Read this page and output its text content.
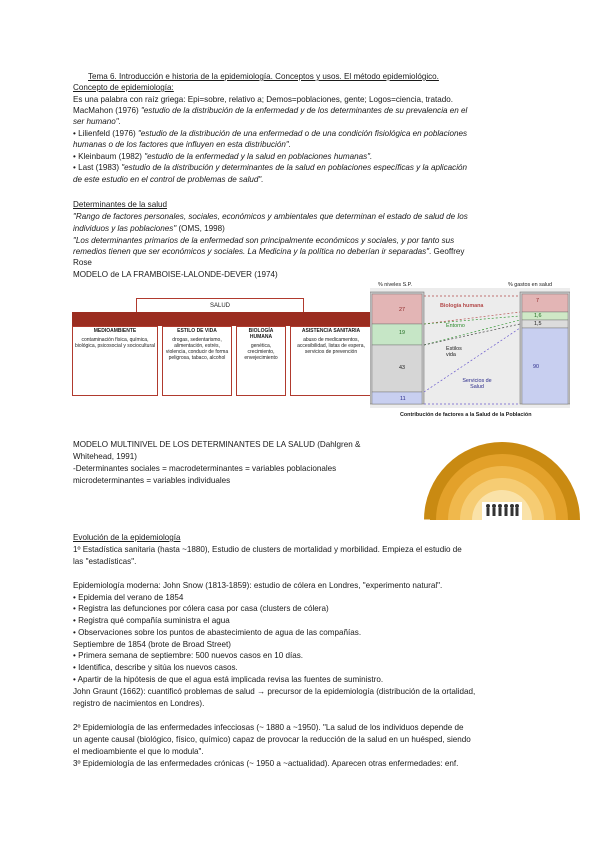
Tema 6. Introducción e historia de la epidemiología. Conceptos y usos. El método epidemiológico.
Concepto de epidemiología:
Es una palabra con raíz griega: Epi=sobre, relativo a; Demos=poblaciones, gente; Logos=ciencia, tratado.
MacMahon (1976) "estudio de la distribución de la enfermedad y de los determinantes de su prevalencia en el
ser humano".
• Lilienfeld (1976) "estudio de la distribución de una enfermedad o de una condición fisiológica en poblaciones
humanas o de los factores que influyen en esta distribución".
• Kleinbaum (1982) "estudio de la enfermedad y la salud en poblaciones humanas".
• Last (1983) "estudio de la distribución y determinantes de la salud en poblaciones específicas y la aplicación
de este estudio en el control de problemas de salud".
Determinantes de la salud
"Rango de factores personales, sociales, económicos y ambientales que determinan el estado de salud de los
individuos y las poblaciones" (OMS, 1998)
"Los determinantes primarios de la enfermedad son principalmente económicos y sociales, y por tanto sus
remedios tienen que ser económicos y sociales. La Medicina y la política no deberían ir separadas". Geoffrey
Rose
MODELO de LA FRAMBOISE-LALONDE-DEVER (1974)
SALUD
MEDIOAMBIENTE
contaminación física, química, biológica, psicosocial y sociocultural
ESTILO DE VIDA
drogas, sedentarismo, alimentación, estrés, violencia, conducir de forma peligrosa, tabaco, alcohol
BIOLOGÍA HUMANA
genética, crecimiento, envejecimiento
ASISTENCIA SANITARIA
abuso de medicamentos, accesibilidad, listas de espera, servicios de prevención
% niveles S.P.	% gastos en salud
27
19
43
11
7
1,6
1,5
90
Biología humana
Entorno
Estilos vida
Servicios de Salud
Contribución de factores a la Salud de la Población
MODELO MULTINIVEL DE LOS DETERMINANTES DE LA SALUD (Dahlgren &
Whitehead, 1991)
-Determinantes sociales = macrodeterminantes = variables poblacionales
microdeterminantes = variables individuales
Evolución de la epidemiología
1º Estadística sanitaria (hasta ~1880), Estudio de clusters de mortalidad y morbilidad. Empieza el estudio de
las "estadísticas".
Epidemiología moderna: John Snow (1813-1859): estudio de cólera en Londres, "experimento natural".
• Epidemia del verano de 1854
• Registra las defunciones por cólera casa por casa (clusters de cólera)
• Registra qué compañía suministra el agua
• Observaciones sobre los puntos de abastecimiento de agua de las compañías.
Septiembre de 1854 (brote de Broad Street)
• Primera semana de septiembre: 500 nuevos casos en 10 días.
• Identifica, describe y sitúa los nuevos casos.
• Apartir de la hipótesis de que el agua está implicada revisa las fuentes de suministro.
John Graunt (1662): cuantificó problemas de salud → precursor de la epidemiología (distribución de la ortalidad,
registro de nacimientos en Londres).
2º Epidemiología de las enfermedades infecciosas (~ 1880 a ~1950). "La salud de los individuos depende de
un agente causal (biológico, físico, químico) capaz de provocar la reducción de la salud en un huésped, siendo
el medioambiente el que lo modula".
3º Epidemiología de las enfermedades crónicas (~ 1950 a ~actualidad). Aparecen otras enfermedades: enf.
